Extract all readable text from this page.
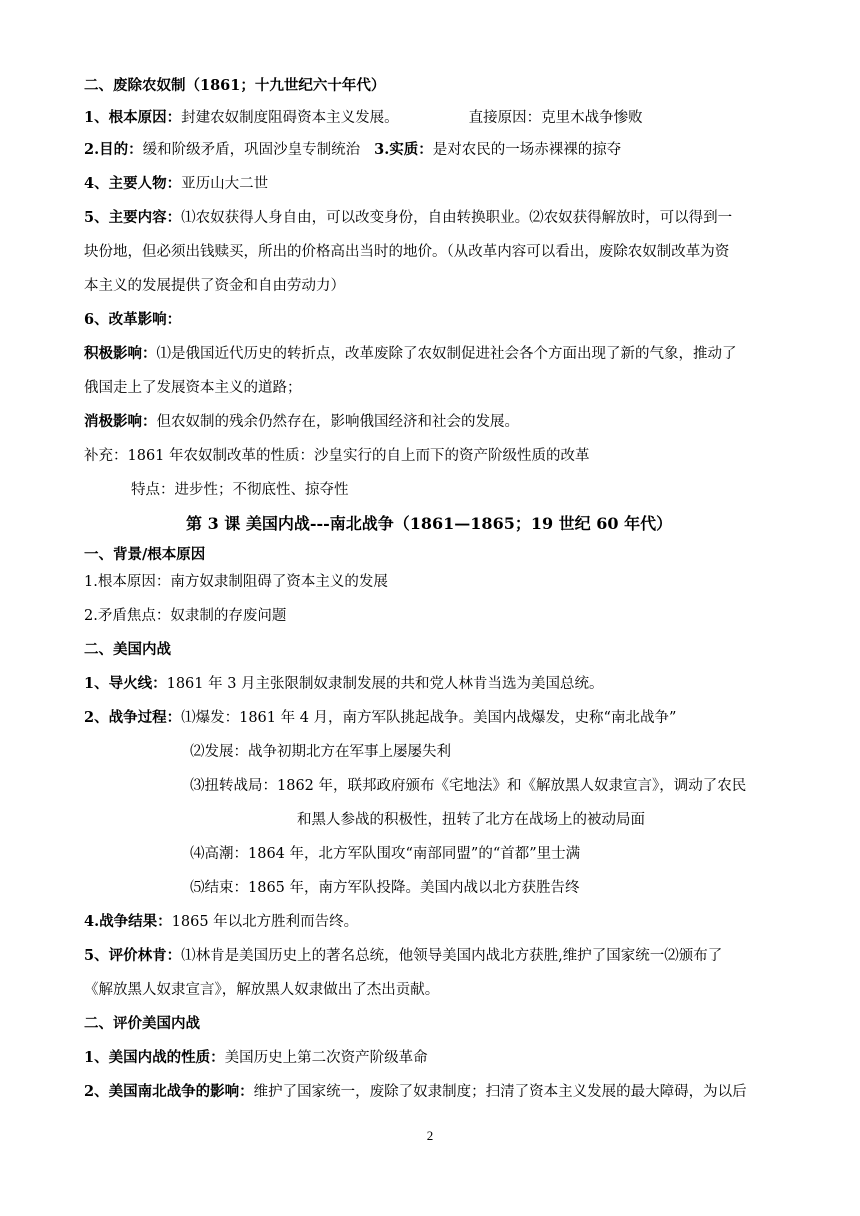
二、废除农奴制（1861；十九世纪六十年代）
1、根本原因：封建农奴制度阻碍资本主义发展。	直接原因：克里木战争惨败
2.目的：缓和阶级矛盾，巩固沙皇专制统治 3.实质：是对农民的一场赤裸裸的掠夺
4、主要人物：亚历山大二世
5、主要内容：⑴农奴获得人身自由，可以改变身份，自由转换职业。⑵农奴获得解放时，可以得到一
块份地，但必须出钱赎买，所出的价格高出当时的地价。（从改革内容可以看出，废除农奴制改革为资
本主义的发展提供了资金和自由劳动力）
6、改革影响：
积极影响：⑴是俄国近代历史的转折点，改革废除了农奴制促进社会各个方面出现了新的气象，推动了
俄国走上了发展资本主义的道路；
消极影响：但农奴制的残余仍然存在，影响俄国经济和社会的发展。
补充：1861 年农奴制改革的性质：沙皇实行的自上而下的资产阶级性质的改革
特点：进步性；不彻底性、掠夺性
第 3 课 美国内战---南北战争（1861—1865；19 世纪 60 年代）
一、背景/根本原因
1.根本原因：南方奴隶制阻碍了资本主义的发展
2.矛盾焦点：奴隶制的存废问题
二、美国内战
1、导火线：1861 年 3 月主张限制奴隶制发展的共和党人林肯当选为美国总统。
2、战争过程：⑴爆发：1861 年 4 月，南方军队挑起战争。美国内战爆发，史称“南北战争”
⑵发展：战争初期北方在军事上屡屡失利
⑶扭转战局：1862 年，联邦政府颁布《宅地法》和《解放黑人奴隶宣言》，调动了农民
和黑人参战的积极性，扭转了北方在战场上的被动局面
⑷高潮：1864 年，北方军队围攻“南部同盟”的“首都”里士满
⑸结束：1865 年，南方军队投降。美国内战以北方获胜告终
4.战争结果：1865 年以北方胜利而告终。
5、评价林肯：⑴林肯是美国历史上的著名总统，他领导美国内战北方获胜,维护了国家统一⑵颁布了
《解放黑人奴隶宣言》，解放黑人奴隶做出了杰出贡献。
二、评价美国内战
1、美国内战的性质：美国历史上第二次资产阶级革命
2、美国南北战争的影响：维护了国家统一，废除了奴隶制度；扫清了资本主义发展的最大障碍，为以后
2
